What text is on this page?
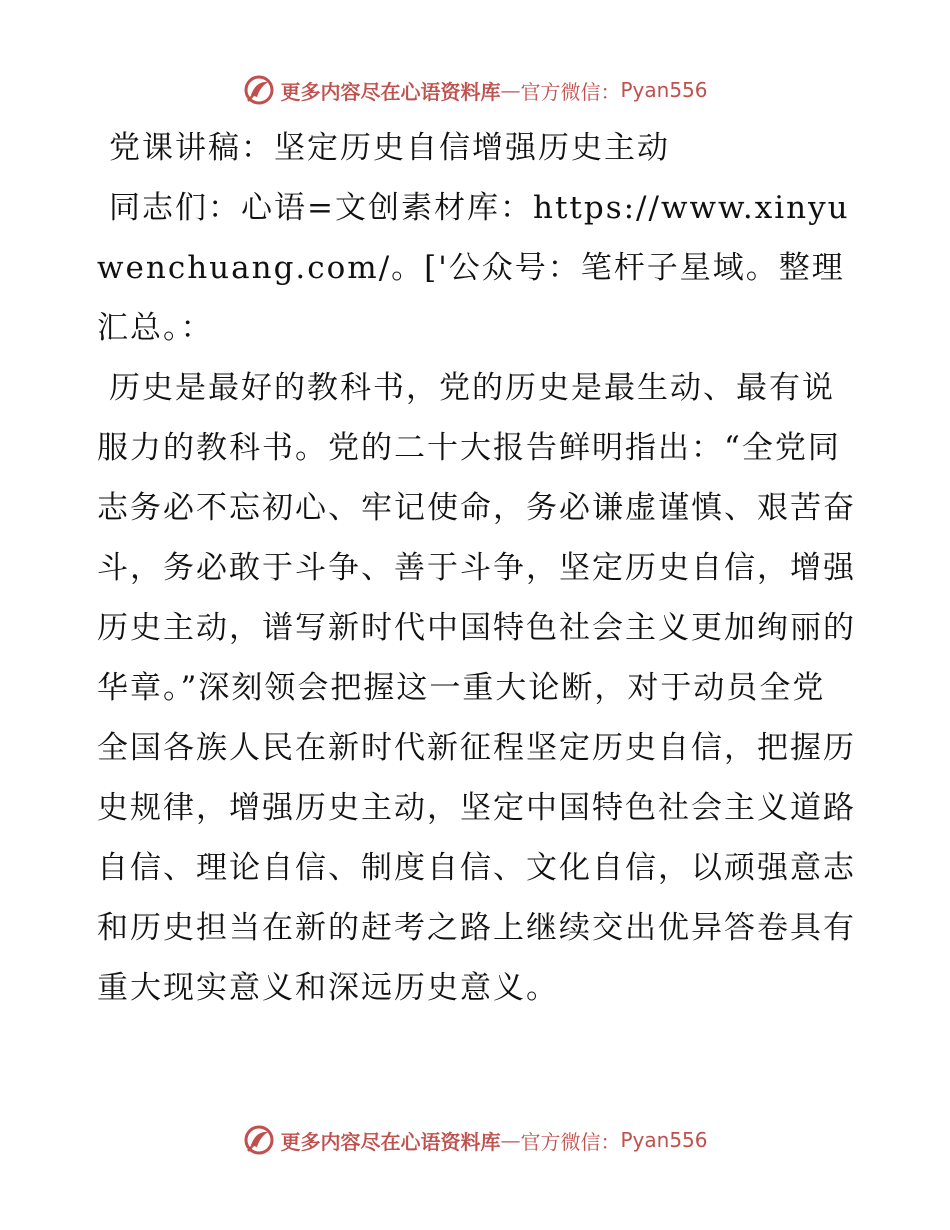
更多内容尽在心语资料库 — 官方微信： Pyan556

党课讲稿：坚定历史自信增强历史主动

同志们：心语=文创素材库：https://www.xinyuwenchuang.com/。['公众号：笔杆子星域。整理汇总。：

历史是最好的教科书，党的历史是最生动、最有说服力的教科书。党的二十大报告鲜明指出：“全党同志务必不忘初心、牢记使命，务必谦虚谨慎、艰苦奋斗，务必敢于斗争、善于斗争，坚定历史自信，增强历史主动，谱写新时代中国特色社会主义更加绚丽的华章。”深刻领会把握这一重大论断，对于动员全党全国各族人民在新时代新征程坚定历史自信，把握历史规律，增强历史主动，坚定中国特色社会主义道路自信、理论自信、制度自信、文化自信，以顽强意志和历史担当在新的赶考之路上继续交出优异答卷具有重大现实意义和深远历史意义。

更多内容尽在心语资料库 — 官方微信： Pyan556
